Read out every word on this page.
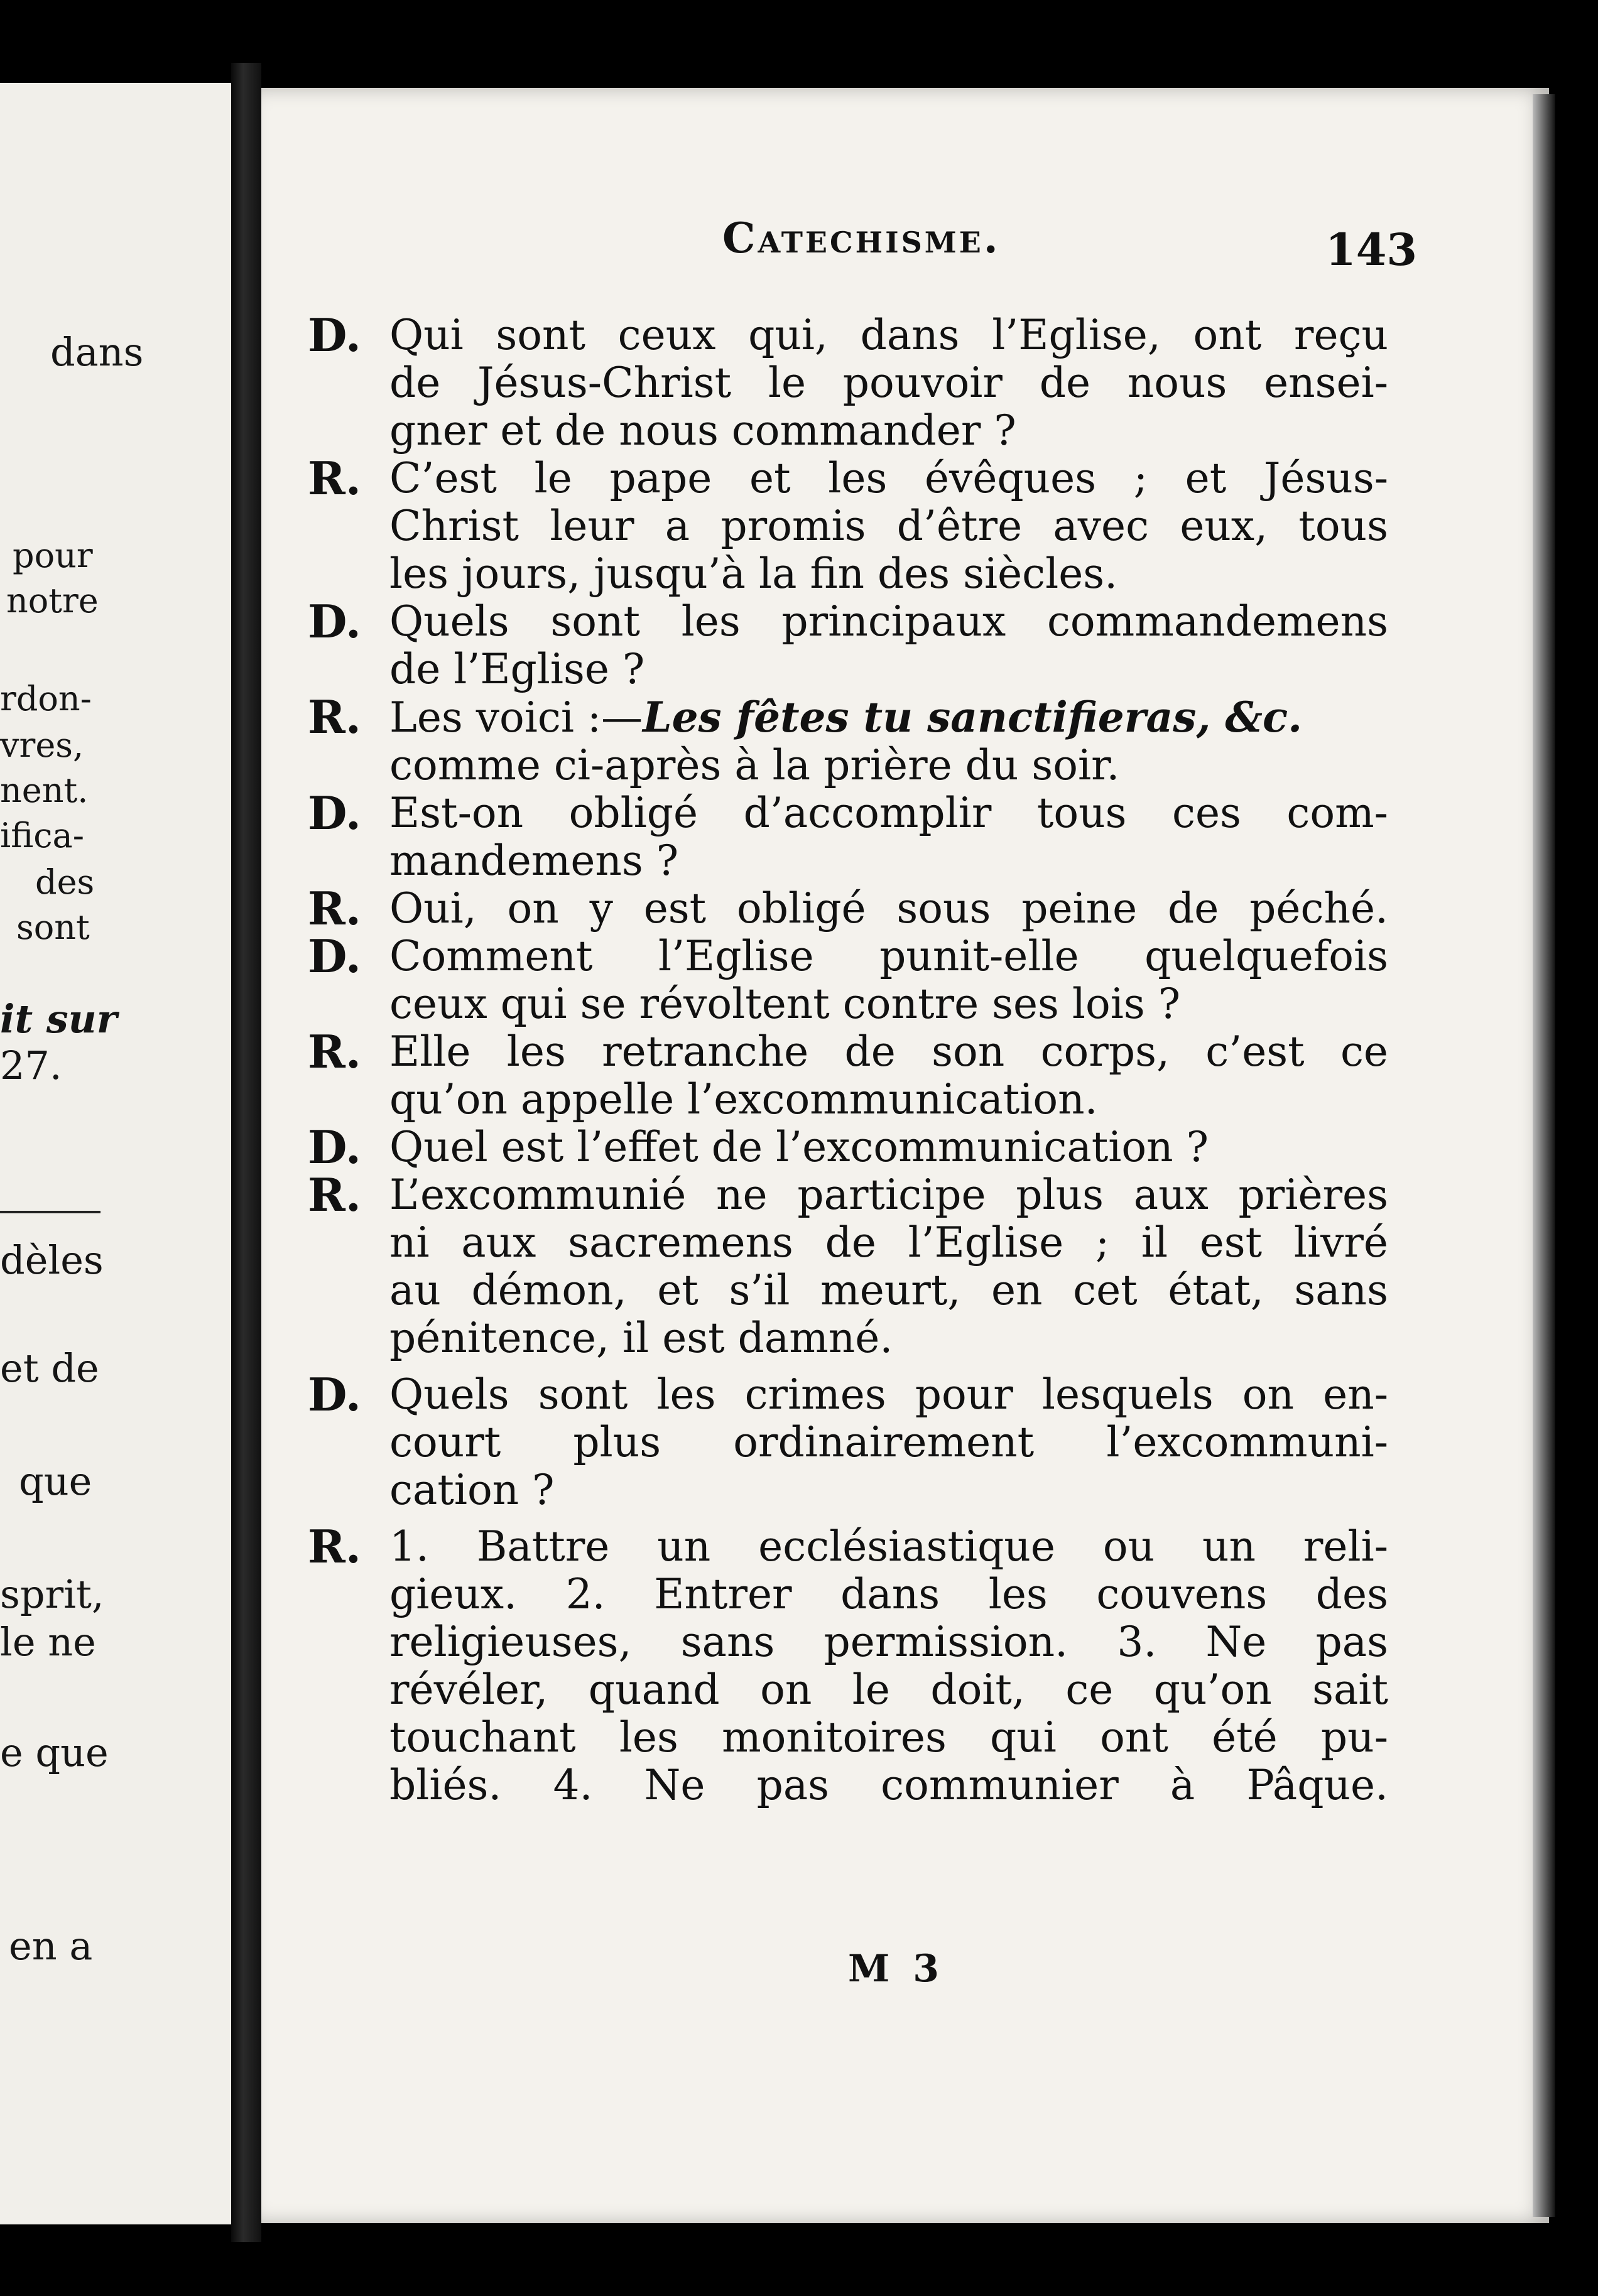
dans
pour
notre
rdon-
vres,
nent.
ifica-
des
sont
it sur
27.
dèles
et de
que
sprit,
le ne
e que
en a
Catechisme.	143
D. Qui sont ceux qui, dans l’Eglise, ont reçu
de Jésus-Christ le pouvoir de nous ensei-
gner et de nous commander ?
R. C’est le pape et les évêques ; et Jésus-
Christ leur a promis d’être avec eux, tous
les jours, jusqu’à la fin des siècles.
D. Quels sont les principaux commandemens
de l’Eglise ?
R. Les voici :—Les fêtes tu sanctifieras, &c.
comme ci-après à la prière du soir.
D. Est-on obligé d’accomplir tous ces com-
mandemens ?
R. Oui, on y est obligé sous peine de péché.
D. Comment l’Eglise punit-elle quelquefois
ceux qui se révoltent contre ses lois ?
R. Elle les retranche de son corps, c’est ce
qu’on appelle l’excommunication.
D. Quel est l’effet de l’excommunication ?
R. L’excommunié ne participe plus aux prières
ni aux sacremens de l’Eglise ; il est livré
au démon, et s’il meurt, en cet état, sans
pénitence, il est damné.
D. Quels sont les crimes pour lesquels on en-
court plus ordinairement l’excommuni-
cation ?
R. 1. Battre un ecclésiastique ou un reli-
gieux. 2. Entrer dans les couvens des
religieuses, sans permission. 3. Ne pas
révéler, quand on le doit, ce qu’on sait
touchant les monitoires qui ont été pu-
bliés. 4. Ne pas communier à Pâque.
M 3
